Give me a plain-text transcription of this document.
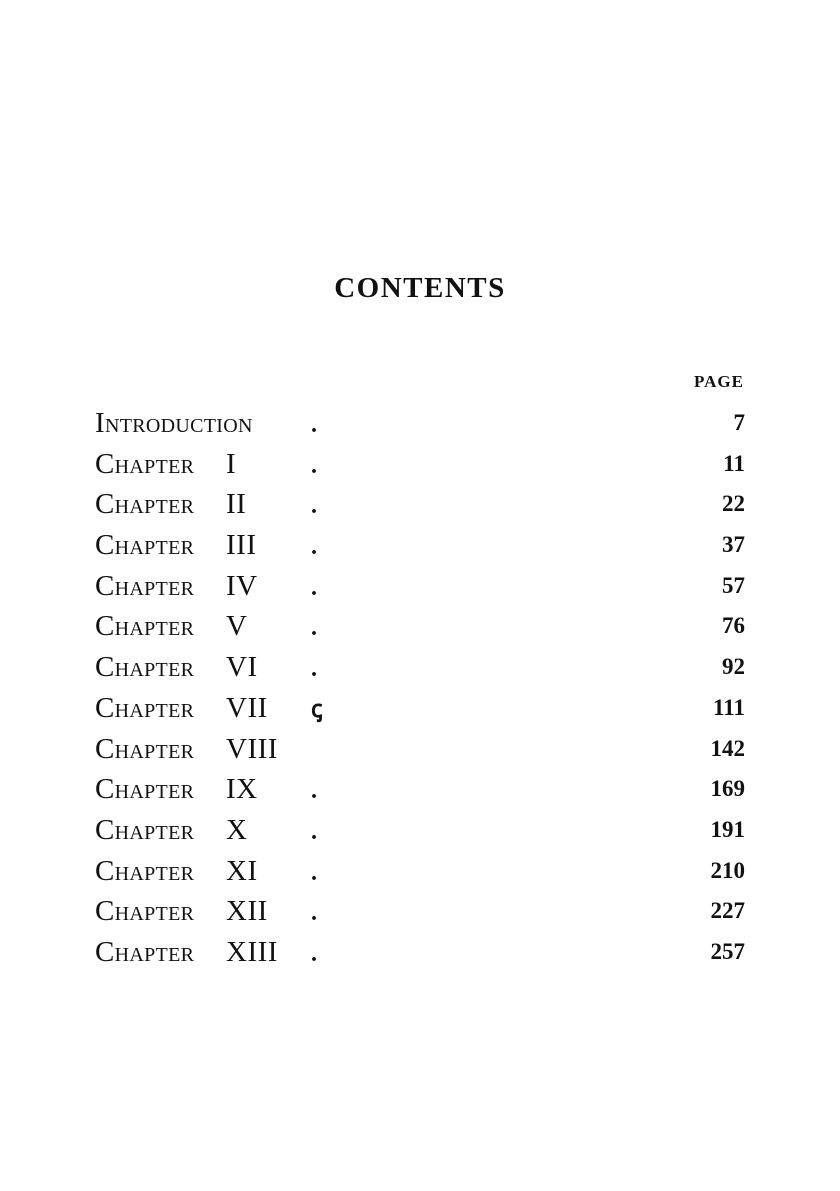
CONTENTS
PAGE
Introduction .	7
Chapter I	.	11
Chapter II	.	22
Chapter III .	37
Chapter IV .	57
Chapter V	.	76
Chapter VI .	92
Chapter VII ꞔ	111
Chapter VIII	142
Chapter IX .	169
Chapter X	.	191
Chapter XI .	210
Chapter XII .	227
Chapter XIII .	257
